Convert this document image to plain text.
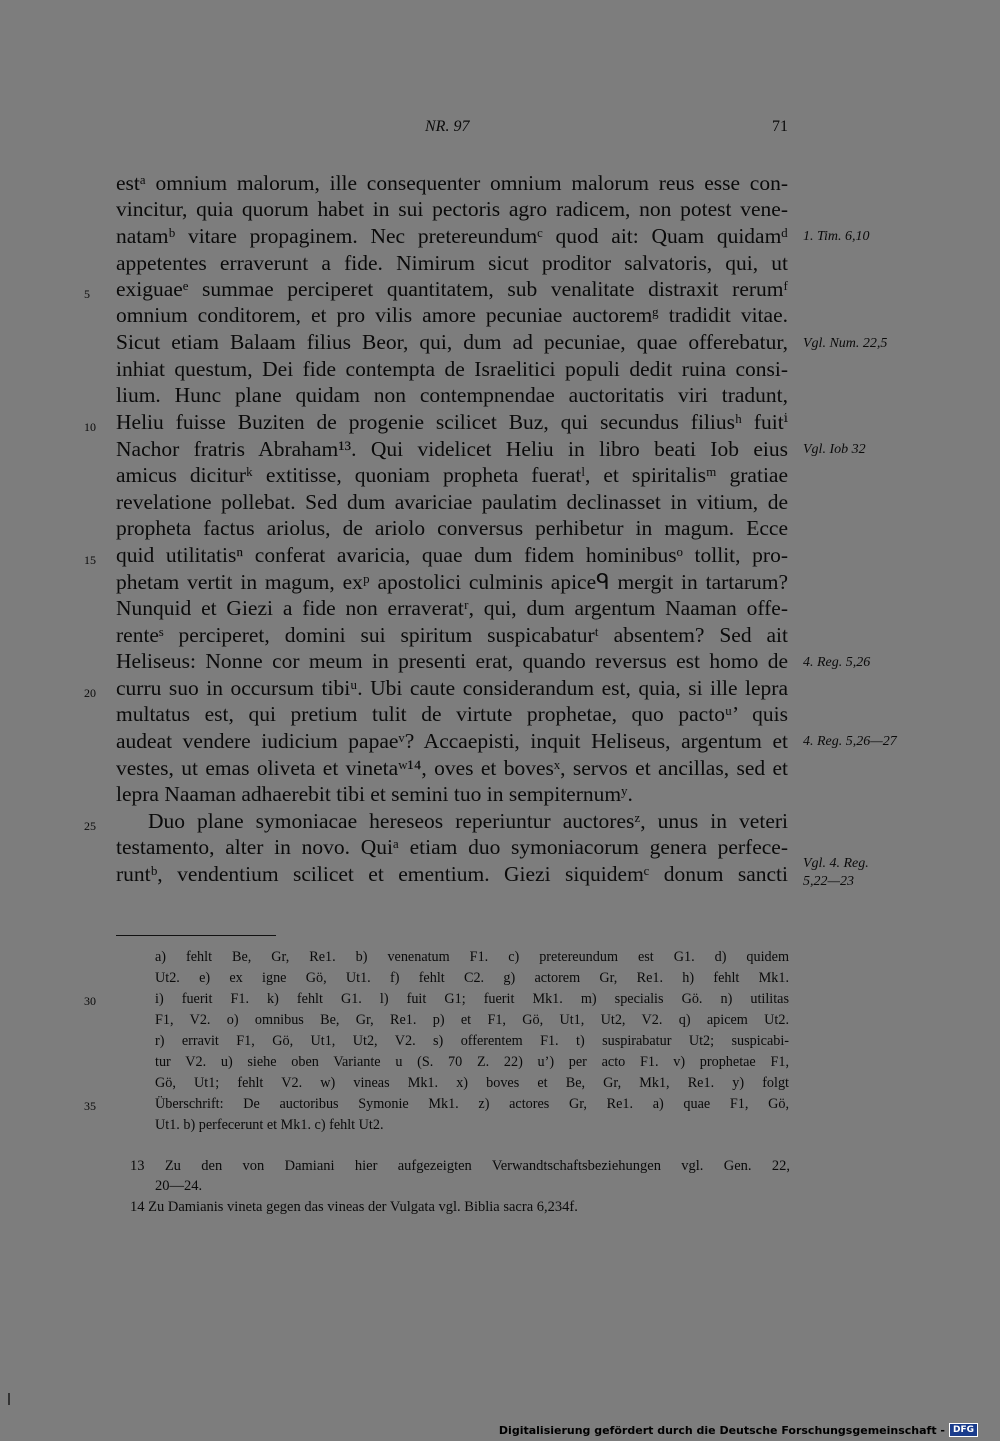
NR. 97	71
estᵃ omnium malorum, ille consequenter omnium malorum reus esse con-
vincitur, quia quorum habet in sui pectoris agro radicem, non potest vene-
natamᵇ vitare propaginem. Nec pretereundumᶜ quod ait: Quam quidamᵈ
appetentes erraverunt a fide. Nimirum sicut proditor salvatoris, qui, ut
exiguaeᵉ summae perciperet quantitatem, sub venalitate distraxit rerumᶠ
omnium conditorem, et pro vilis amore pecuniae auctoremᵍ tradidit vitae.
Sicut etiam Balaam filius Beor, qui, dum ad pecuniae, quae offerebatur,
inhiat questum, Dei fide contempta de Israelitici populi dedit ruina consi-
lium. Hunc plane quidam non contempnendae auctoritatis viri tradunt,
Heliu fuisse Buziten de progenie scilicet Buz, qui secundus filiusʰ fuitⁱ
Nachor fratris Abraham¹³. Qui videlicet Heliu in libro beati Iob eius
amicus diciturᵏ extitisse, quoniam propheta fueratˡ, et spiritalisᵐ gratiae
revelatione pollebat. Sed dum avariciae paulatim declinasset in vitium, de
propheta factus ariolus, de ariolo conversus perhibetur in magum. Ecce
quid utilitatisⁿ conferat avaricia, quae dum fidem hominibusᵒ tollit, pro-
phetam vertit in magum, exᵖ apostolici culminis apiceᑫ mergit in tartarum?
Nunquid et Giezi a fide non erraveratʳ, qui, dum argentum Naaman offe-
renteˢ perciperet, domini sui spiritum suspicabaturᵗ absentem? Sed ait
Heliseus: Nonne cor meum in presenti erat, quando reversus est homo de
curru suo in occursum tibiᵘ. Ubi caute considerandum est, quia, si ille lepra
multatus est, qui pretium tulit de virtute prophetae, quo pactoᵘ’ quis
audeat vendere iudicium papaeᵛ? Accaepisti, inquit Heliseus, argentum et
vestes, ut emas oliveta et vinetaʷ¹⁴, oves et bovesˣ, servos et ancillas, sed et
lepra Naaman adhaerebit tibi et semini tuo in sempiternumʸ.
Duo plane symoniacae hereseos reperiuntur auctoresᶻ, unus in veteri
testamento, alter in novo. Quiᵃ etiam duo symoniacorum genera perfece-
runtᵇ, vendentium scilicet et ementium. Giezi siquidemᶜ donum sancti
5
10
15
20
25
30
35
1. Tim. 6,10
Vgl. Num. 22,5
Vgl. Iob 32
4. Reg. 5,26
4. Reg. 5,26—27
Vgl. 4. Reg.
5,22—23
a) fehlt Be, Gr, Re1. b) venenatum F1. c) pretereundum est G1. d) quidem
Ut2. e) ex igne Gö, Ut1. f) fehlt C2. g) actorem Gr, Re1. h) fehlt Mk1.
i) fuerit F1. k) fehlt G1. l) fuit G1; fuerit Mk1. m) specialis Gö. n) utilitas
F1, V2. o) omnibus Be, Gr, Re1. p) et F1, Gö, Ut1, Ut2, V2. q) apicem Ut2.
r) erravit F1, Gö, Ut1, Ut2, V2. s) offerentem F1. t) suspirabatur Ut2; suspicabi-
tur V2. u) siehe oben Variante u (S. 70 Z. 22) u’) per acto F1. v) prophetae F1,
Gö, Ut1; fehlt V2. w) vineas Mk1. x) boves et Be, Gr, Mk1, Re1. y) folgt
Überschrift: De auctoribus Symonie Mk1. z) actores Gr, Re1. a) quae F1, Gö,
Ut1. b) perfecerunt et Mk1. c) fehlt Ut2.
13 Zu den von Damiani hier aufgezeigten Verwandtschaftsbeziehungen vgl. Gen. 22,
20—24.
14 Zu Damianis vineta gegen das vineas der Vulgata vgl. Biblia sacra 6,234f.
Digitalisierung gefördert durch die Deutsche Forschungsgemeinschaft - DFG
